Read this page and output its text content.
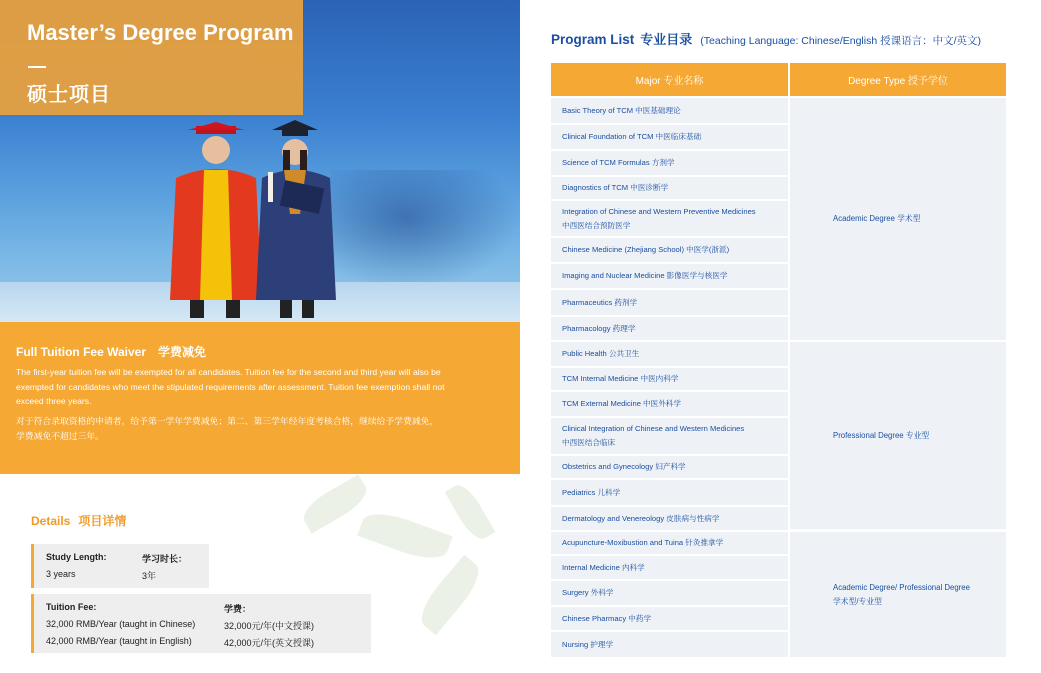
Master’s Degree Program
硕士项目
Full Tuition Fee Waiver 学费减免
The first-year tuition fee will be exempted for all candidates. Tuition fee for the second and third year will also be exempted for candidates who meet the stipulated requirements after assessment. Tuition fee exemption shall not exceed three years.
对于符合录取资格的申请者，给予第一学年学费减免；第二、第三学年经年度考核合格，继续给予学费减免，学费减免不超过三年。
Details 项目详情
Study Length:
3 years
学习时长：
3年
Tuition Fee:
32,000 RMB/Year (taught in Chinese)
42,000 RMB/Year (taught in English)
学费：
32,000元/年(中文授课)
42,000元/年(英文授课)
Program List 专业目录 (Teaching Language: Chinese/English 授课语言：中文/英文)
Major 专业名称	Degree Type 授予学位
Basic Theory of TCM 中医基础理论
Clinical Foundation of TCM 中医临床基础
Science of TCM Formulas 方剂学
Diagnostics of TCM 中医诊断学
Integration of Chinese and Western Preventive Medicines
中西医结合预防医学
Chinese Medicine (Zhejiang School) 中医学(浙派)
Imaging and Nuclear Medicine 影像医学与核医学
Pharmaceutics 药剂学
Pharmacology 药理学
Public Health 公共卫生
TCM Internal Medicine 中医内科学
TCM External Medicine 中医外科学
Clinical Integration of Chinese and Western Medicines
中西医结合临床
Obstetrics and Gynecology 妇产科学
Pediatrics 儿科学
Dermatology and Venereology 皮肤病与性病学
Acupuncture-Moxibustion and Tuina 针灸推拿学
Internal Medicine 内科学
Surgery 外科学
Chinese Pharmacy 中药学
Nursing 护理学
Academic Degree 学术型
Professional Degree 专业型
Academic Degree/ Professional Degree
学术型/专业型
